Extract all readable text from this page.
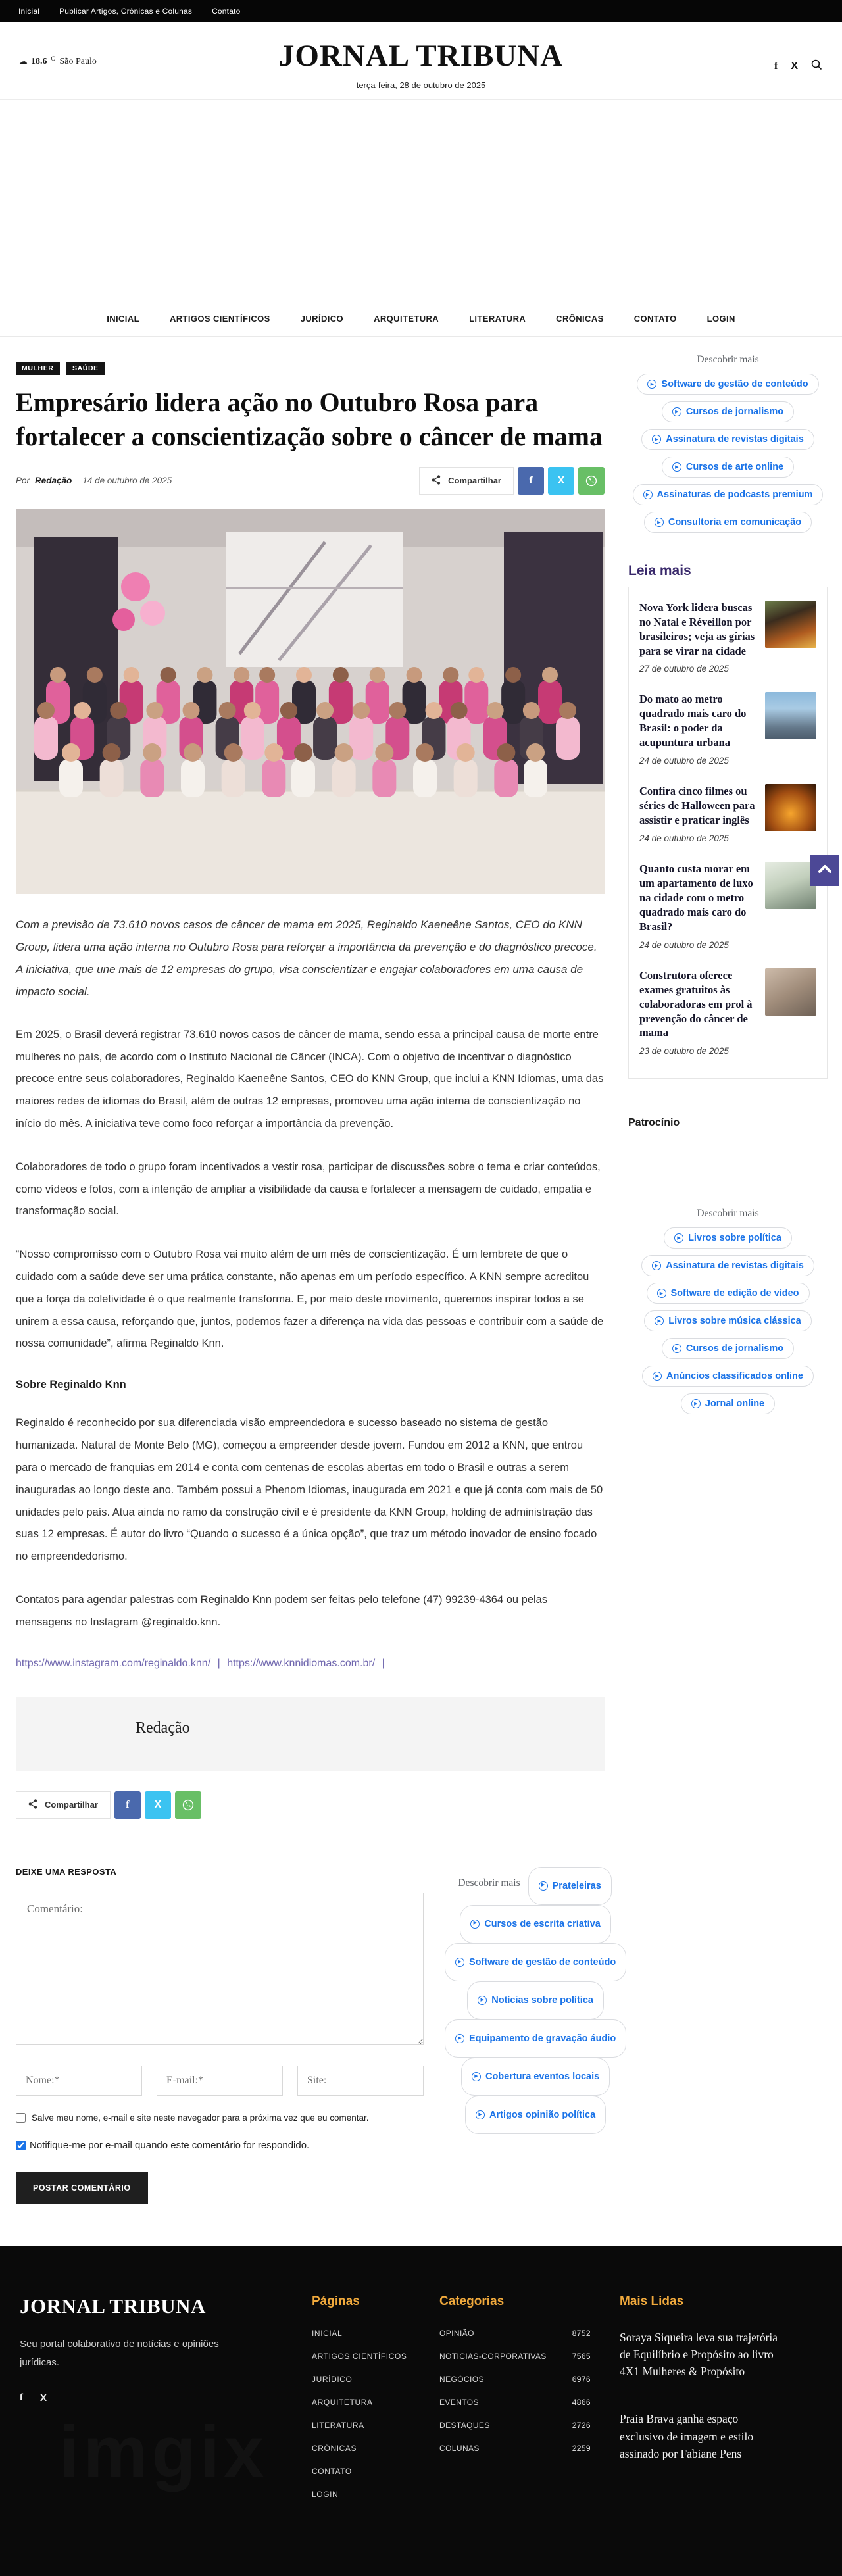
Inicial	Publicar Artigos, Crônicas e Colunas	Contato
☁ 18.6 C São Paulo	JORNAL TRIBUNA
terça-feira, 28 de outubro de 2025
f X
INICIAL	ARTIGOS CIENTÍFICOS	JURÍDICO	ARQUITETURA	LITERATURA	CRÔNICAS	CONTATO	LOGIN
MULHER	SAÚDE
Empresário lidera ação no Outubro Rosa para fortalecer a conscientização sobre o câncer de mama
Por Redação 14 de outubro de 2025	Compartilhar	f	X

Com a previsão de 73.610 novos casos de câncer de mama em 2025, Reginaldo Kaeneêne Santos, CEO do KNN Group, lidera uma ação interna no Outubro Rosa para reforçar a importância da prevenção e do diagnóstico precoce. A iniciativa, que une mais de 12 empresas do grupo, visa conscientizar e engajar colaboradores em uma causa de impacto social.

Em 2025, o Brasil deverá registrar 73.610 novos casos de câncer de mama, sendo essa a principal causa de morte entre mulheres no país, de acordo com o Instituto Nacional de Câncer (INCA). Com o objetivo de incentivar o diagnóstico precoce entre seus colaboradores, Reginaldo Kaeneêne Santos, CEO do KNN Group, que inclui a KNN Idiomas, uma das maiores redes de idiomas do Brasil, além de outras 12 empresas, promoveu uma ação interna de conscientização no início do mês. A iniciativa teve como foco reforçar a importância da prevenção.

Colaboradores de todo o grupo foram incentivados a vestir rosa, participar de discussões sobre o tema e criar conteúdos, como vídeos e fotos, com a intenção de ampliar a visibilidade da causa e fortalecer a mensagem de cuidado, empatia e transformação social.

“Nosso compromisso com o Outubro Rosa vai muito além de um mês de conscientização. É um lembrete de que o cuidado com a saúde deve ser uma prática constante, não apenas em um período específico. A KNN sempre acreditou que a força da coletividade é o que realmente transforma. E, por meio deste movimento, queremos inspirar todos a se unirem a essa causa, reforçando que, juntos, podemos fazer a diferença na vida das pessoas e contribuir com a saúde de nossa comunidade”, afirma Reginaldo Knn.

Sobre Reginaldo Knn

Reginaldo é reconhecido por sua diferenciada visão empreendedora e sucesso baseado no sistema de gestão humanizada. Natural de Monte Belo (MG), começou a empreender desde jovem. Fundou em 2012 a KNN, que entrou para o mercado de franquias em 2014 e conta com centenas de escolas abertas em todo o Brasil e outras a serem inauguradas ao longo deste ano. Também possui a Phenom Idiomas, inaugurada em 2021 e que já conta com mais de 50 unidades pelo país. Atua ainda no ramo da construção civil e é presidente da KNN Group, holding de administração das suas 12 empresas. É autor do livro “Quando o sucesso é a única opção”, que traz um método inovador de ensino focado no empreendedorismo.

Contatos para agendar palestras com Reginaldo Knn podem ser feitas pelo telefone (47) 99239-4364 ou pelas mensagens no Instagram @reginaldo.knn.

https://www.instagram.com/reginaldo.knn/ | https://www.knnidiomas.com.br/ |

Redação
Compartilhar	f	X
DEIXE UMA RESPOSTA
Comentário:
Nome:*
E-mail:*
Site:
Salve meu nome, e-mail e site neste navegador para a próxima vez que eu comentar.
Notifique-me por e-mail quando este comentário for respondido.
POSTAR COMENTÁRIO
Descobrir mais	▶ Prateleiras

▶ Cursos de escrita criativa

▶ Software de gestão de conteúdo

▶ Notícias sobre política

▶ Equipamento de gravação áudio

▶ Cobertura eventos locais

▶ Artigos opinião política
Descobrir mais
▶ Software de gestão de conteúdo
▶ Cursos de jornalismo
▶ Assinatura de revistas digitais
▶ Cursos de arte online
▶ Assinaturas de podcasts premium
▶ Consultoria em comunicação
Leia mais
Nova York lidera buscas no Natal e Réveillon por brasileiros; veja as gírias para se virar na cidade
27 de outubro de 2025
Do mato ao metro quadrado mais caro do Brasil: o poder da acupuntura urbana
24 de outubro de 2025
Confira cinco filmes ou séries de Halloween para assistir e praticar inglês
24 de outubro de 2025
Quanto custa morar em um apartamento de luxo na cidade com o metro quadrado mais caro do Brasil?
24 de outubro de 2025
Construtora oferece exames gratuitos às colaboradoras em prol à prevenção do câncer de mama
23 de outubro de 2025
Patrocínio
Descobrir mais
▶ Livros sobre política
▶ Assinatura de revistas digitais
▶ Software de edição de vídeo
▶ Livros sobre música clássica
▶ Cursos de jornalismo
▶ Anúncios classificados online
▶ Jornal online
JORNAL TRIBUNA
Seu portal colaborativo de notícias e opiniões jurídicas.
f X
Páginas
INICIAL
ARTIGOS CIENTÍFICOS
JURÍDICO
ARQUITETURA
LITERATURA
CRÔNICAS
CONTATO
LOGIN
Categorias
OPINIÃO	8752
NOTICIAS-CORPORATIVAS	7565
NEGÓCIOS	6976
EVENTOS	4866
DESTAQUES	2726
COLUNAS	2259
Mais Lidas
Soraya Siqueira leva sua trajetória de Equilíbrio e Propósito ao livro 4X1 Mulheres & Propósito
Praia Brava ganha espaço exclusivo de imagem e estilo assinado por Fabiane Pens
